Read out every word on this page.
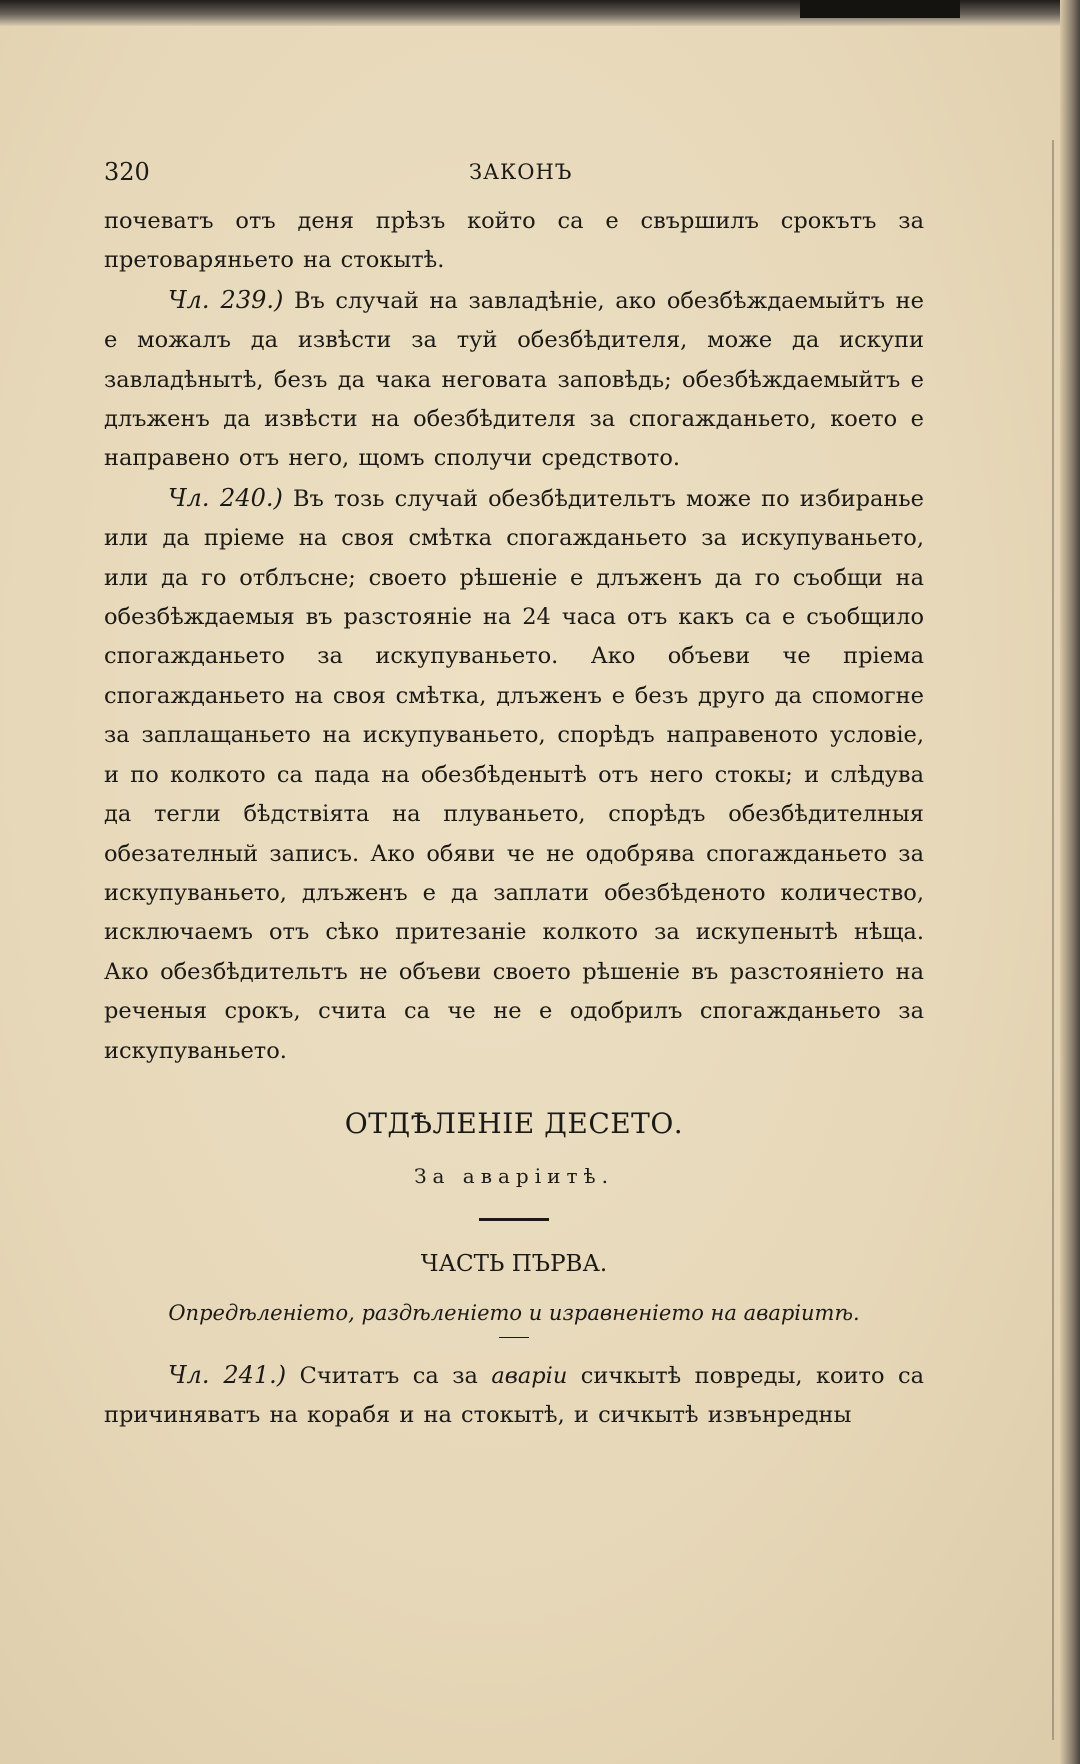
320	ЗАКОНЪ

почеватъ отъ деня прѣзъ който са е свършилъ срокътъ за претоваряньето на стокытѣ.

Чл. 239.) Въ случай на завладѣніе, ако обезбѣждаемыйтъ не е можалъ да извѣсти за туй обезбѣдителя, може да искупи завладѣнытѣ, безъ да чака неговата заповѣдь; обезбѣждаемыйтъ е длъженъ да извѣсти на обезбѣдителя за спогажданьето, което е направено отъ него, щомъ сполучи средството.

Чл. 240.) Въ тозь случай обезбѣдительтъ може по избиранье или да пріеме на своя смѣтка спогажданьето за искупуваньето, или да го отблъсне; своето рѣшеніе е длъженъ да го съобщи на обезбѣждаемыя въ разстояніе на 24 часа отъ какъ са е съобщило спогажданьето за искупуваньето. Ако объеви че пріема спогажданьето на своя смѣтка, длъженъ е безъ друго да спомогне за заплащаньето на искупуваньето, спорѣдъ направеното условіе, и по колкото са пада на обезбѣденытѣ отъ него стокы; и слѣдува да тегли бѣдствіята на плуваньето, спорѣдъ обезбѣдителныя обезателный записъ. Ако обяви че не одобрява спогажданьето за искупуваньето, длъженъ е да заплати обезбѣденото количество, исключаемъ отъ сѣко притезаніе колкото за искупенытѣ нѣща. Ако обезбѣдительтъ не объеви своето рѣшеніе въ разстояніето на реченыя срокъ, счита са че не е одобрилъ спогажданьето за искупуваньето.

ОТДѢЛЕНІЕ ДЕСЕТО.
За аваріитѣ.
ЧАСТЬ ПЪРВА.
Опредѣленіето, раздѣленіето и изравненіето на аваріитѣ.

Чл. 241.) Считатъ са за аваріи сичкытѣ повреды, които са причиняватъ на корабя и на стокытѣ, и сичкытѣ извънредны
